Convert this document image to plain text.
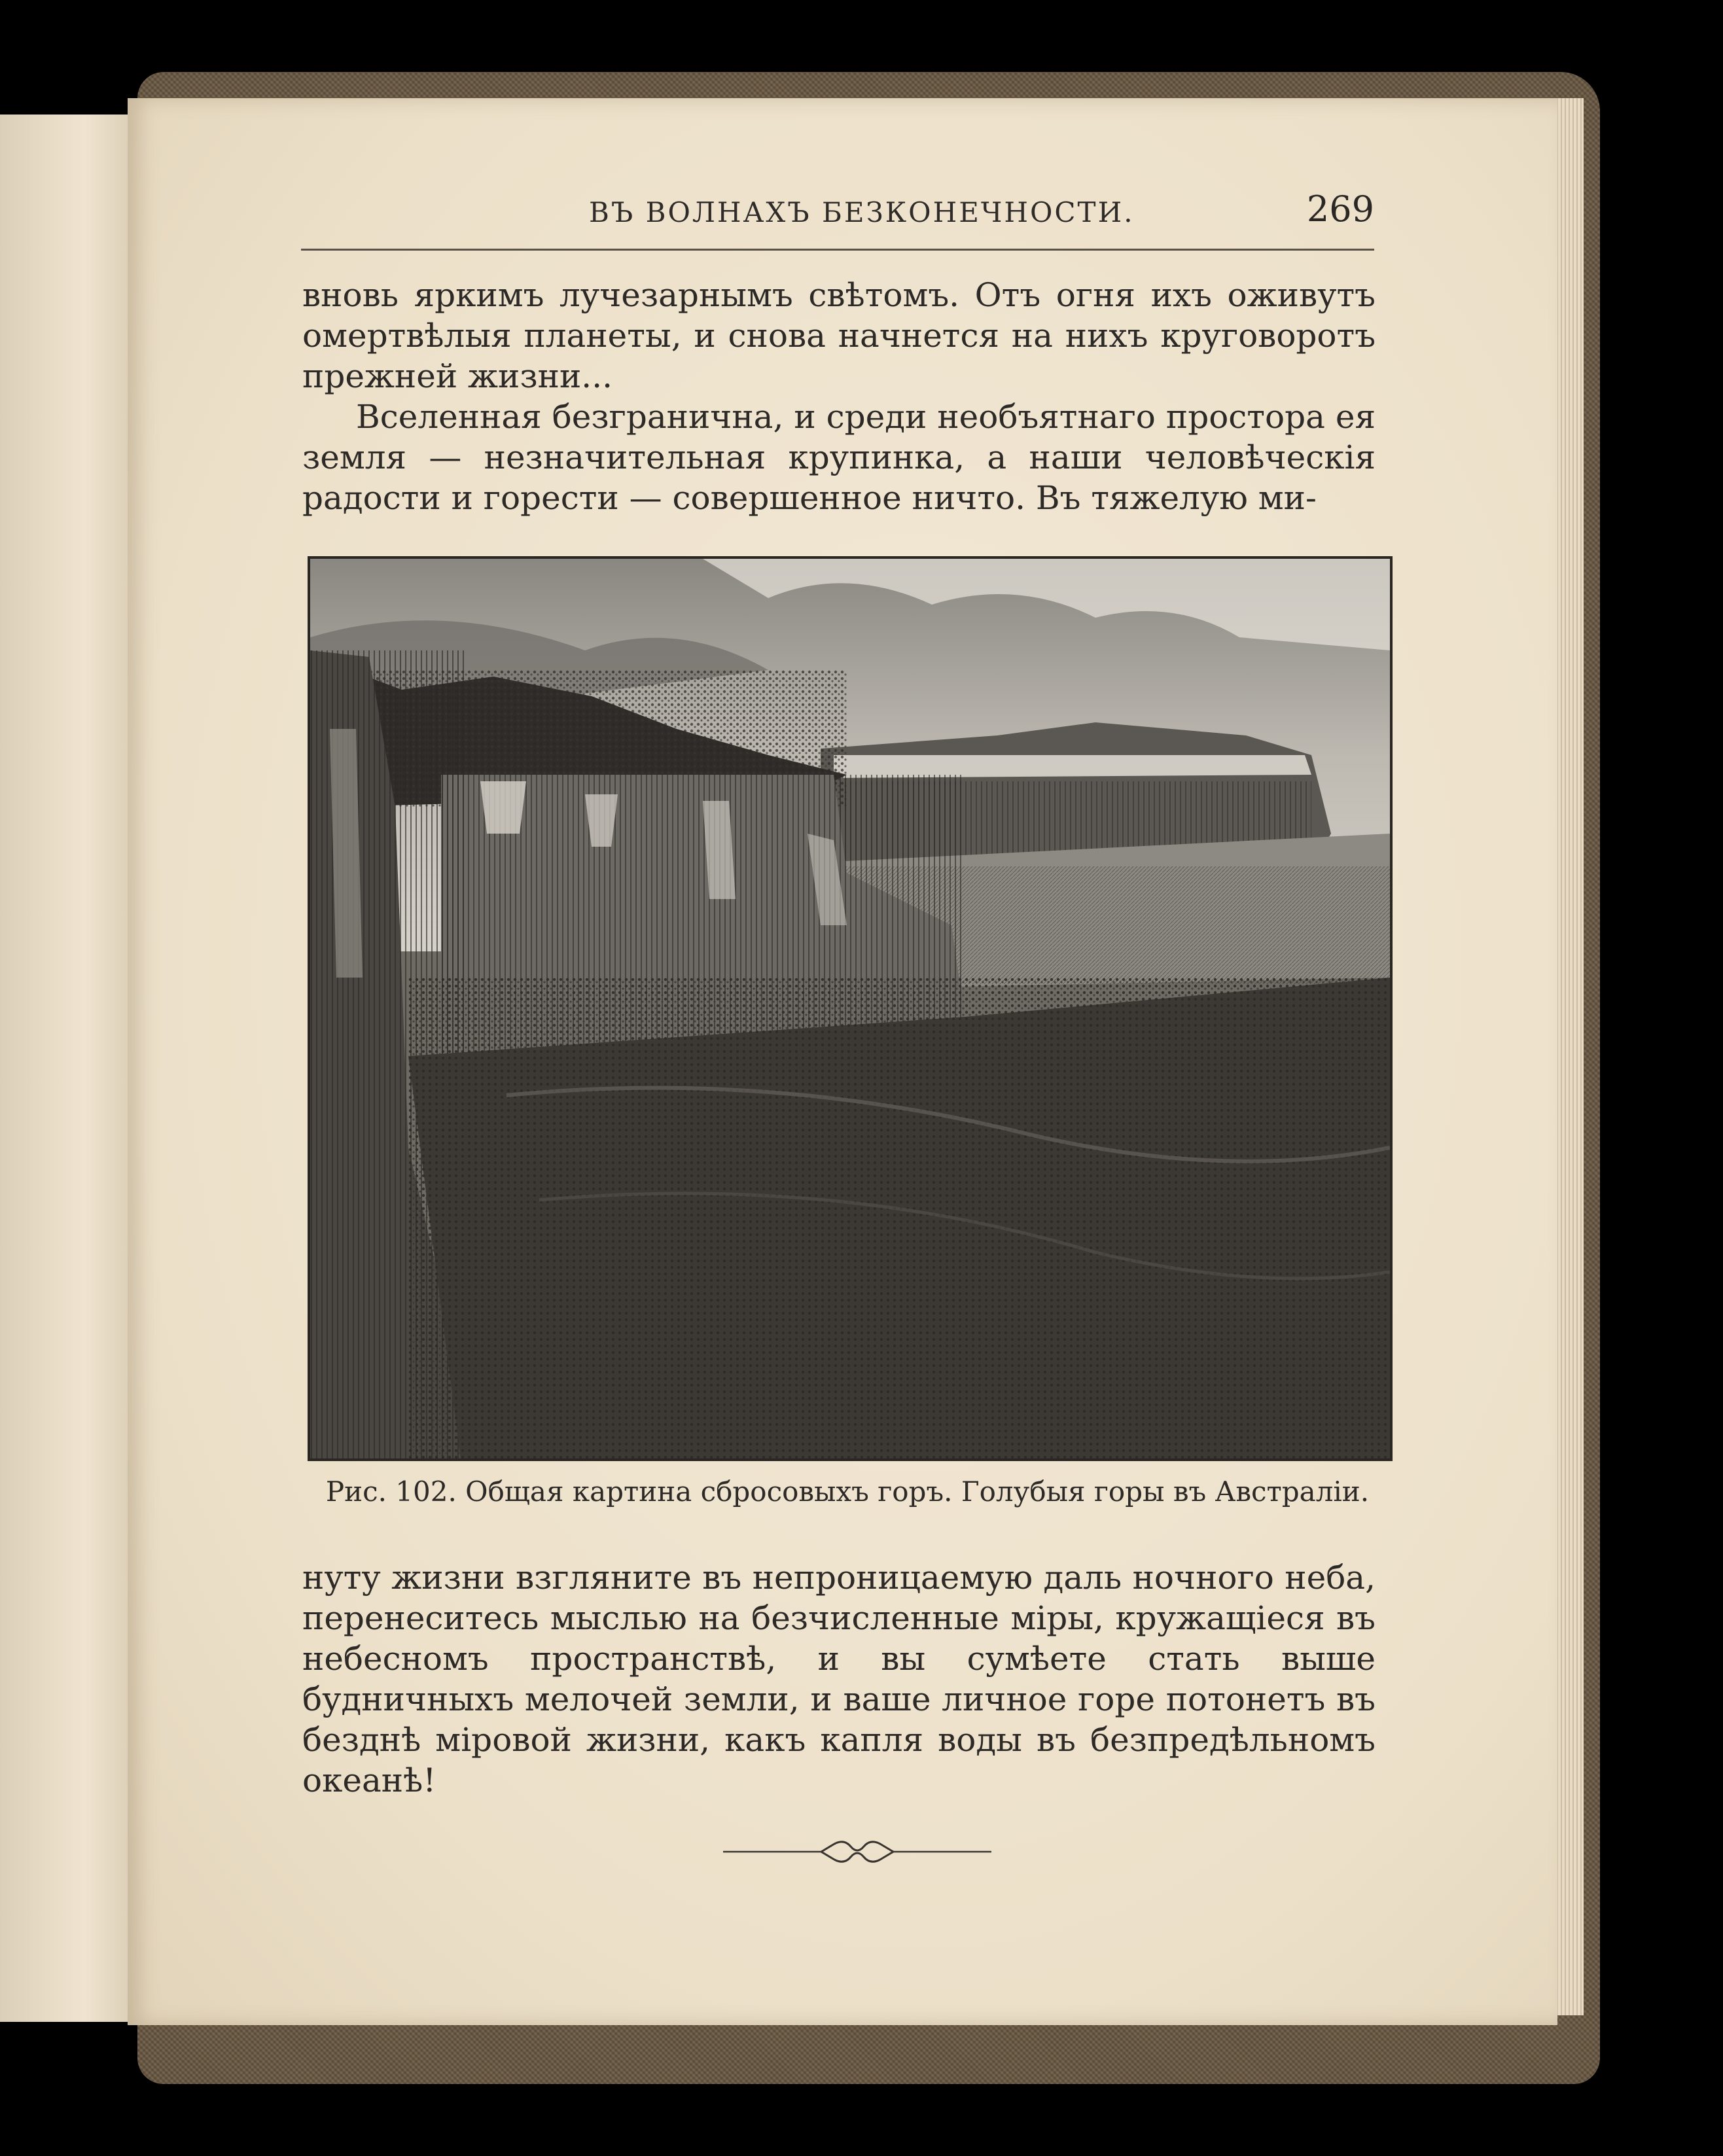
ВЪ ВОЛНАХЪ БЕЗКОНЕЧНОСТИ.	269

вновь яркимъ лучезарнымъ свѣтомъ. Отъ огня ихъ оживутъ омертвѣлыя планеты, и снова начнется на нихъ круговоротъ прежней жизни...

Вселенная безгранична, и среди необъятнаго простора ея земля — незначительная крупинка, а наши человѣческія радости и горести — совершенное ничто. Въ тяжелую ми-

Рис. 102. Общая картина сбросовыхъ горъ. Голубыя горы въ Австраліи.

нуту жизни взгляните въ непроницаемую даль ночного неба, перенеситесь мыслью на безчисленные міры, кружащіеся въ небесномъ пространствѣ, и вы сумѣете стать выше будничныхъ мелочей земли, и ваше личное горе потонетъ въ безднѣ міровой жизни, какъ капля воды въ безпредѣльномъ океанѣ!
